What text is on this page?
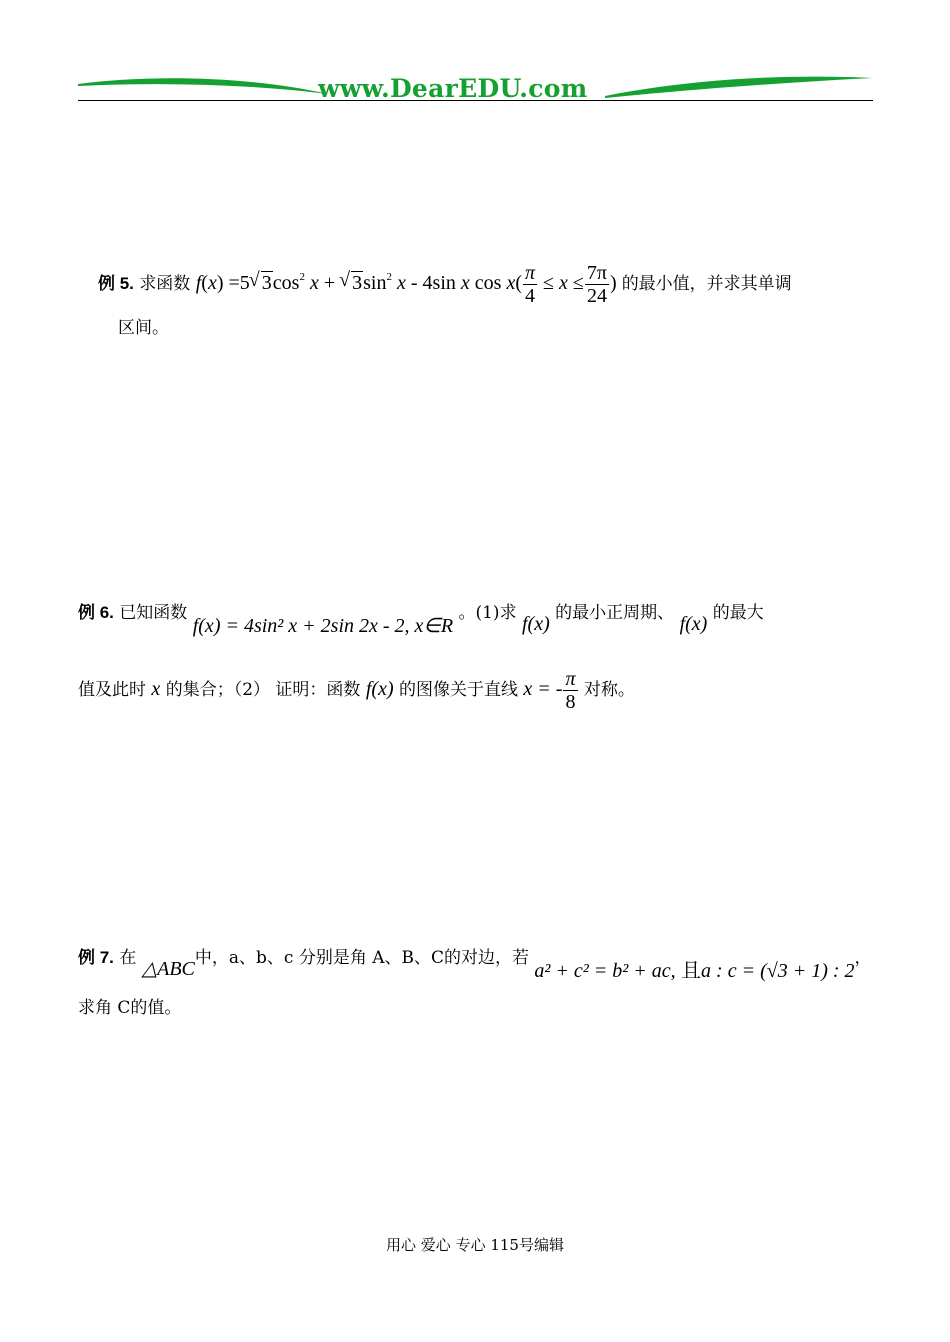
www.DearEDU.com
例 5. 求函数 f(x) =5 √ $3\cos^2$ x + √ $3\sin^2$ x - 4sin x $\cos x( \frac{\pi}{4} \le x \le \frac{7\pi}{24}$ ) 的最小值，并求其单调
区间。
例 6. 已知函数 f(x) = 4sin² x + 2sin 2x - 2, x∈R 。(1)求 f(x) 的最小正周期、 f(x) 的最大
值及此时 x 的集合；（2） 证明：函数 f(x) 的图像关于直线 x = - $\frac{\pi}{8}$ 对称。
例 7. 在 △ABC中，a、b、c 分别是角 A、B、C的对边，若 a² + c² = b² + ac, 且a : c = (√3 + 1) : 2，
求角 C的值。
用心 爱心 专心 115号编辑
